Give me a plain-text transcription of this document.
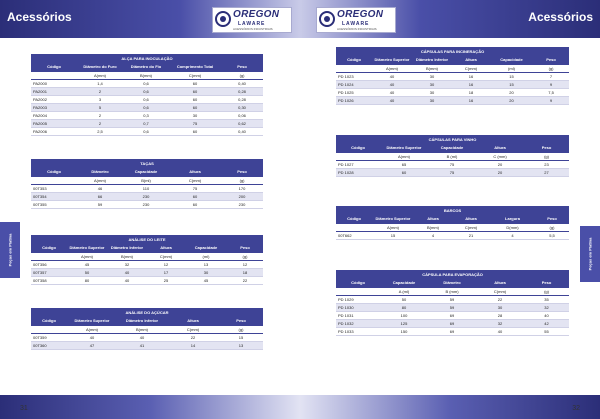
Acessórios	Acessórios
OREGON
LAWARE
ACESSÓRIOS INDUSTRIAIS
OREGON
LAWARE
ACESSÓRIOS INDUSTRIAIS
Peças em Platina	Peças em Platina
ALÇA PARA INOCULAÇÃO				
Código	Diâmetro do Furo	Diâmetro do Fio	Comprimento Total	Peso
	A(mm)	B(mm)	C(mm)	(g)
PA2000	1,4	0,6	60	0,40
PA2001	2	0,6	60	0,28
PA2002	3	0,6	60	0,28
PA2003	5	0,6	60	0,30
PA2004	2	0,3	30	0,06
PA2005	2	0,7	75	0,62
PA2006	2,5	0,6	60	0,40
TAÇAS				
Código	Diâmetro	Capacidade	Altura	Peso
	A(mm)	B(ml)	C(mm)	(g)
00T353	46	110	75	170
00T354	66	230	60	200
00T355	59	230	60	230
ANÁLISE DO LEITE					
Código	Diâmetro Superior	Diâmetro Inferior	Altura	Capacidade	Peso
	A(mm)	B(mm)	C(mm)	(ml)	(g)
00T356	45	32	12	13	12
00T357	50	40	17	30	18
00T358	80	40	25	45	22
ANÁLISE DO AÇÚCAR				
Código	Diâmetro Superior	Diâmetro Inferior	Altura	Peso
	A(mm)	B(mm)	C(mm)	(g)
00T359	40	40	22	15
00T360	47	41	14	13
CÁPSULAS PARA INCINERAÇÃO					
Código	Diâmetro Superior	Diâmetro Inferior	Altura	Capacidade	Peso
	A(mm)	B(mm)	C(mm)	(ml)	(g)
PD 1023	40	30	16	15	7
PD 1024	40	30	16	15	9
PD 1025	40	30	18	20	7,5
PD 1026	40	30	16	20	9
CÁPSULAS PARA VINHO				
Código	Diâmetro Superior	Capacidade	Altura	Peso
	A(mm)	B (ml)	C (mm)	(g)
PD 1027	65	75	20	23
PD 1028	60	75	20	27
BARCOS					
Código	Diâmetro Superior	Altura	Altura	Largura	Peso
	A(mm)	B(mm)	C(mm)	D(mm)	(g)
00T662	15	4	21	4	5,5
CÁPSULA PARA EVAPORAÇÃO				
Código	Capacidade	Diâmetro	Altura	Peso
	A (ml)	B (mm)	C(mm)	(g)
PD 1029	50	59	22	35
PD 1030	80	59	30	32
PD 1031	100	69	28	40
PD 1032	125	69	32	42
PD 1033	150	69	40	55
31	32
